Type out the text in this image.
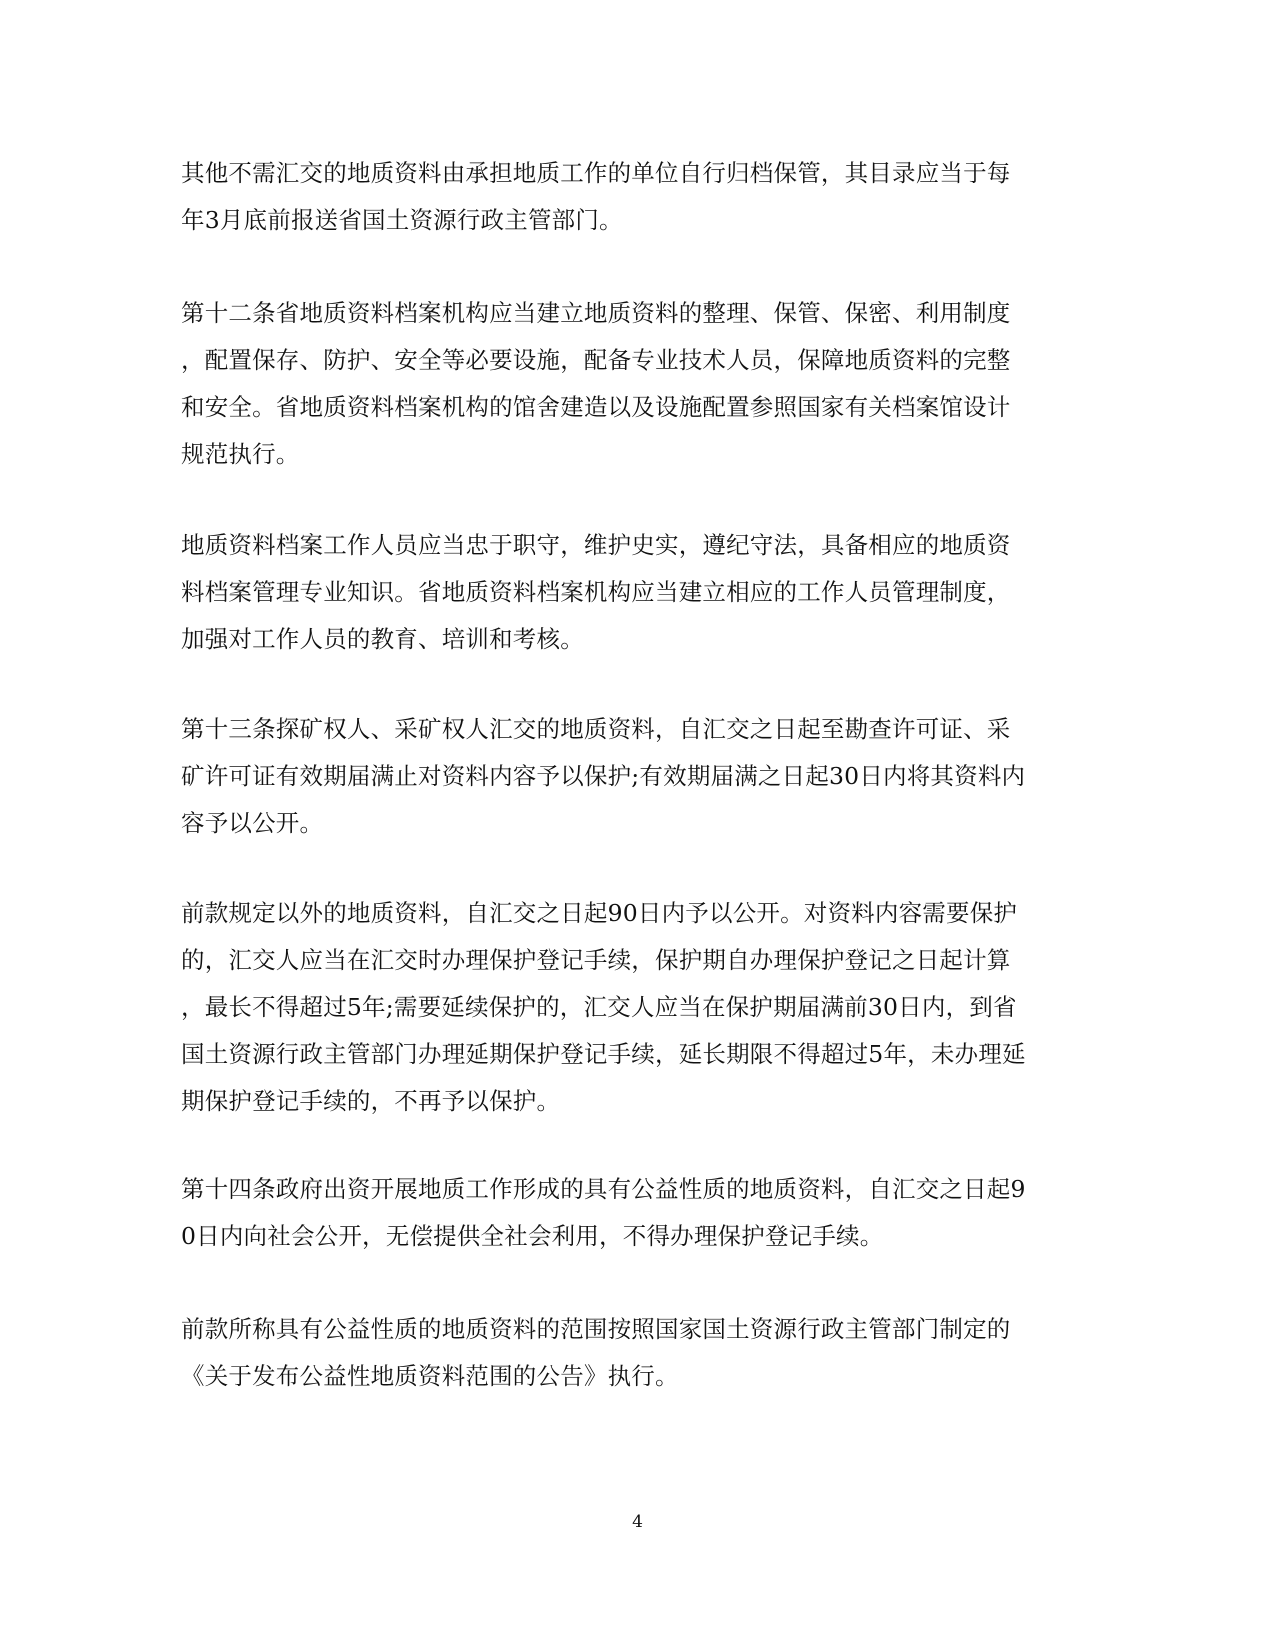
其他不需汇交的地质资料由承担地质工作的单位自行归档保管，其目录应当于每
年3月底前报送省国土资源行政主管部门。
第十二条省地质资料档案机构应当建立地质资料的整理、保管、保密、利用制度
，配置保存、防护、安全等必要设施，配备专业技术人员，保障地质资料的完整
和安全。省地质资料档案机构的馆舍建造以及设施配置参照国家有关档案馆设计
规范执行。
地质资料档案工作人员应当忠于职守，维护史实，遵纪守法，具备相应的地质资
料档案管理专业知识。省地质资料档案机构应当建立相应的工作人员管理制度，
加强对工作人员的教育、培训和考核。
第十三条探矿权人、采矿权人汇交的地质资料，自汇交之日起至勘查许可证、采
矿许可证有效期届满止对资料内容予以保护;有效期届满之日起30日内将其资料内
容予以公开。
前款规定以外的地质资料，自汇交之日起90日内予以公开。对资料内容需要保护
的，汇交人应当在汇交时办理保护登记手续，保护期自办理保护登记之日起计算
，最长不得超过5年;需要延续保护的，汇交人应当在保护期届满前30日内，到省
国土资源行政主管部门办理延期保护登记手续，延长期限不得超过5年，未办理延
期保护登记手续的，不再予以保护。
第十四条政府出资开展地质工作形成的具有公益性质的地质资料，自汇交之日起9
0日内向社会公开，无偿提供全社会利用，不得办理保护登记手续。
前款所称具有公益性质的地质资料的范围按照国家国土资源行政主管部门制定的
《关于发布公益性地质资料范围的公告》执行。
4
